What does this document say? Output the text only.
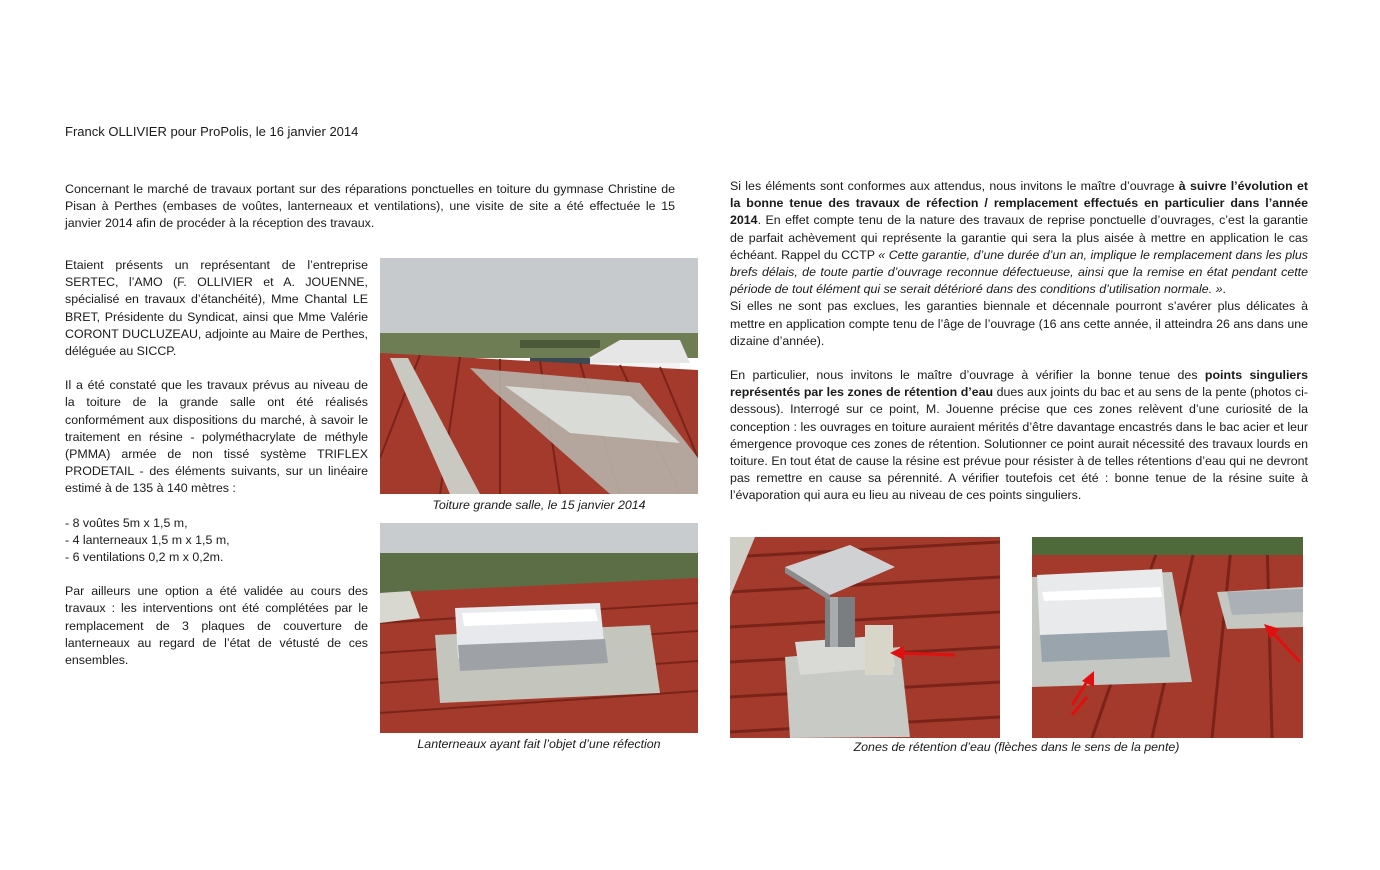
Franck OLLIVIER pour ProPolis, le 16 janvier 2014
Concernant le marché de travaux portant sur des réparations ponctuelles en toiture du gymnase Christine de Pisan à Perthes (embases de voûtes, lanterneaux et ventilations), une visite de site a été effectuée le 15 janvier 2014 afin de procéder à la réception des travaux.

Etaient présents un représentant de l’entreprise SERTEC, l’AMO (F. OLLIVIER et A. JOUENNE, spécialisé en travaux d’étanchéité), Mme Chantal LE BRET, Présidente du Syndicat, ainsi que Mme Valérie CORONT DUCLUZEAU, adjointe au Maire de Perthes, déléguée au SICCP.

Il a été constaté que les travaux prévus au niveau de la toiture de la grande salle ont été réalisés conformément aux dispositions du marché, à savoir le traitement en résine - polyméthacrylate de méthyle (PMMA) armée de non tissé système TRIFLEX PRODETAIL - des éléments suivants, sur un linéaire estimé à de 135 à 140 mètres :

- 8 voûtes 5m x 1,5 m,
- 4 lanterneaux 1,5 m x 1,5 m,
- 6 ventilations 0,2 m x 0,2m.

Par ailleurs une option a été validée au cours des travaux : les interventions ont été complétées par le remplacement de 3 plaques de couverture de lanterneaux au regard de l’état de vétusté de ces ensembles.

Toiture grande salle, le 15 janvier 2014
Lanterneaux ayant fait l’objet d’une réfection

Si les éléments sont conformes aux attendus, nous invitons le maître d’ouvrage à suivre l’évolution et la bonne tenue des travaux de réfection / remplacement effectués en particulier dans l’année 2014. En effet compte tenu de la nature des travaux de reprise ponctuelle d’ouvrages, c’est la garantie de parfait achèvement qui représente la garantie qui sera la plus aisée à mettre en application le cas échéant. Rappel du CCTP « Cette garantie, d’une durée d’un an, implique le remplacement dans les plus brefs délais, de toute partie d’ouvrage reconnue défectueuse, ainsi que la remise en état pendant cette période de tout élément qui se serait détérioré dans des conditions d’utilisation normale. ».

Si elles ne sont pas exclues, les garanties biennale et décennale pourront s’avérer plus délicates à mettre en application compte tenu de l’âge de l’ouvrage (16 ans cette année, il atteindra 26 ans dans une dizaine d’année).

En particulier, nous invitons le maître d’ouvrage à vérifier la bonne tenue des points singuliers représentés par les zones de rétention d’eau dues aux joints du bac et au sens de la pente (photos ci-dessous). Interrogé sur ce point, M. Jouenne précise que ces zones relèvent d’une curiosité de la conception : les ouvrages en toiture auraient mérités d’être davantage encastrés dans le bac acier et leur émergence provoque ces zones de rétention. Solutionner ce point aurait nécessité des travaux lourds en toiture. En tout état de cause la résine est prévue pour résister à de telles rétentions d’eau qui ne devront pas remettre en cause sa pérennité. A vérifier toutefois cet été : bonne tenue de la résine suite à l’évaporation qui aura eu lieu au niveau de ces points singuliers.

Zones de rétention d’eau (flèches dans le sens de la pente)
